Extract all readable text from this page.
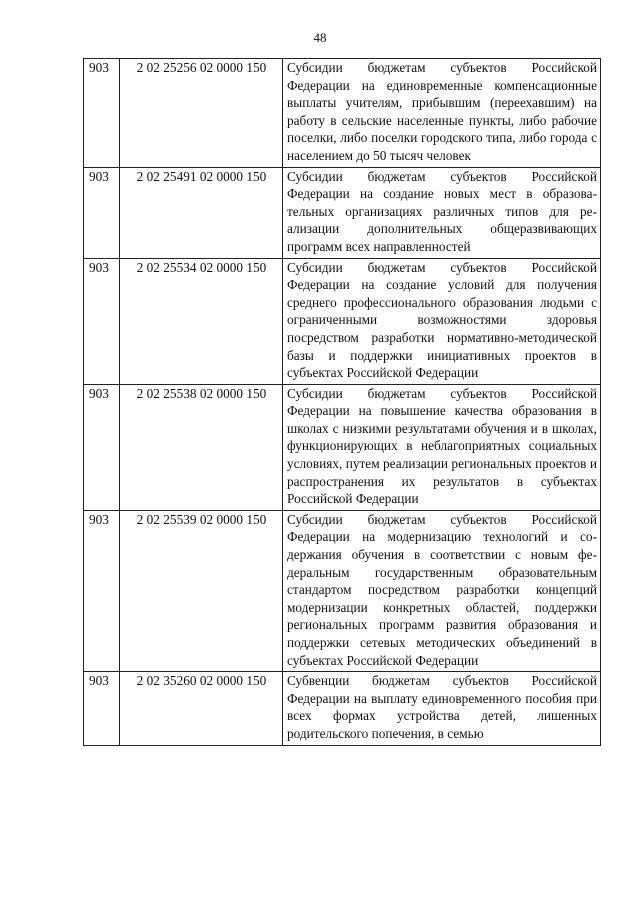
48
903	2 02 25256 02 0000 150	Субсидии бюджетам субъектов Российской Федерации на единовременные компенсационные выплаты учителям, прибывшим (переехавшим) на работу в сельские населенные пункты, либо рабочие поселки, либо поселки городского типа, либо города с населением до 50 тысяч человек
903	2 02 25491 02 0000 150	Субсидии бюджетам субъектов Российской Федерации на создание новых мест в образовательных организациях различных типов для реализации дополнительных общеразвивающих программ всех направленностей
903	2 02 25534 02 0000 150	Субсидии бюджетам субъектов Российской Федерации на создание условий для получения среднего профессионального образования людьми с ограниченными возможностями здоровья посредством разработки нормативно-методической базы и поддержки инициативных проектов в субъектах Российской Федерации
903	2 02 25538 02 0000 150	Субсидии бюджетам субъектов Российской Федерации на повышение качества образования в школах с низкими результатами обучения и в школах, функционирующих в неблагоприятных социальных условиях, путем реализации региональных проектов и распространения их результатов в субъектах Российской Федерации
903	2 02 25539 02 0000 150	Субсидии бюджетам субъектов Российской Федерации на модернизацию технологий и содержания обучения в соответствии с новым федеральным государственным образовательным стандартом посредством разработки концепций модернизации конкретных областей, поддержки региональных программ развития образования и поддержки сетевых методических объединений в субъектах Российской Федерации
903	2 02 35260 02 0000 150	Субвенции бюджетам субъектов Российской Федерации на выплату единовременного пособия при всех формах устройства детей, лишенных родительского попечения, в семью
